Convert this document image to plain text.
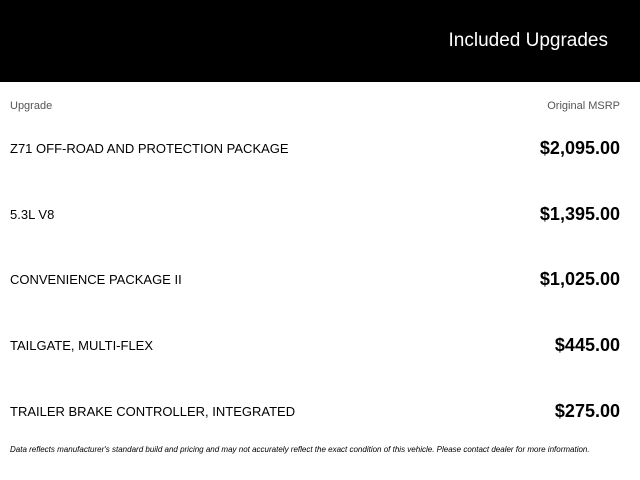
Included Upgrades
Upgrade	Original MSRP
Z71 OFF-ROAD AND PROTECTION PACKAGE	$2,095.00
5.3L V8	$1,395.00
CONVENIENCE PACKAGE II	$1,025.00
TAILGATE, MULTI-FLEX	$445.00
TRAILER BRAKE CONTROLLER, INTEGRATED	$275.00
Data reflects manufacturer's standard build and pricing and may not accurately reflect the exact condition of this vehicle. Please contact dealer for more information.
